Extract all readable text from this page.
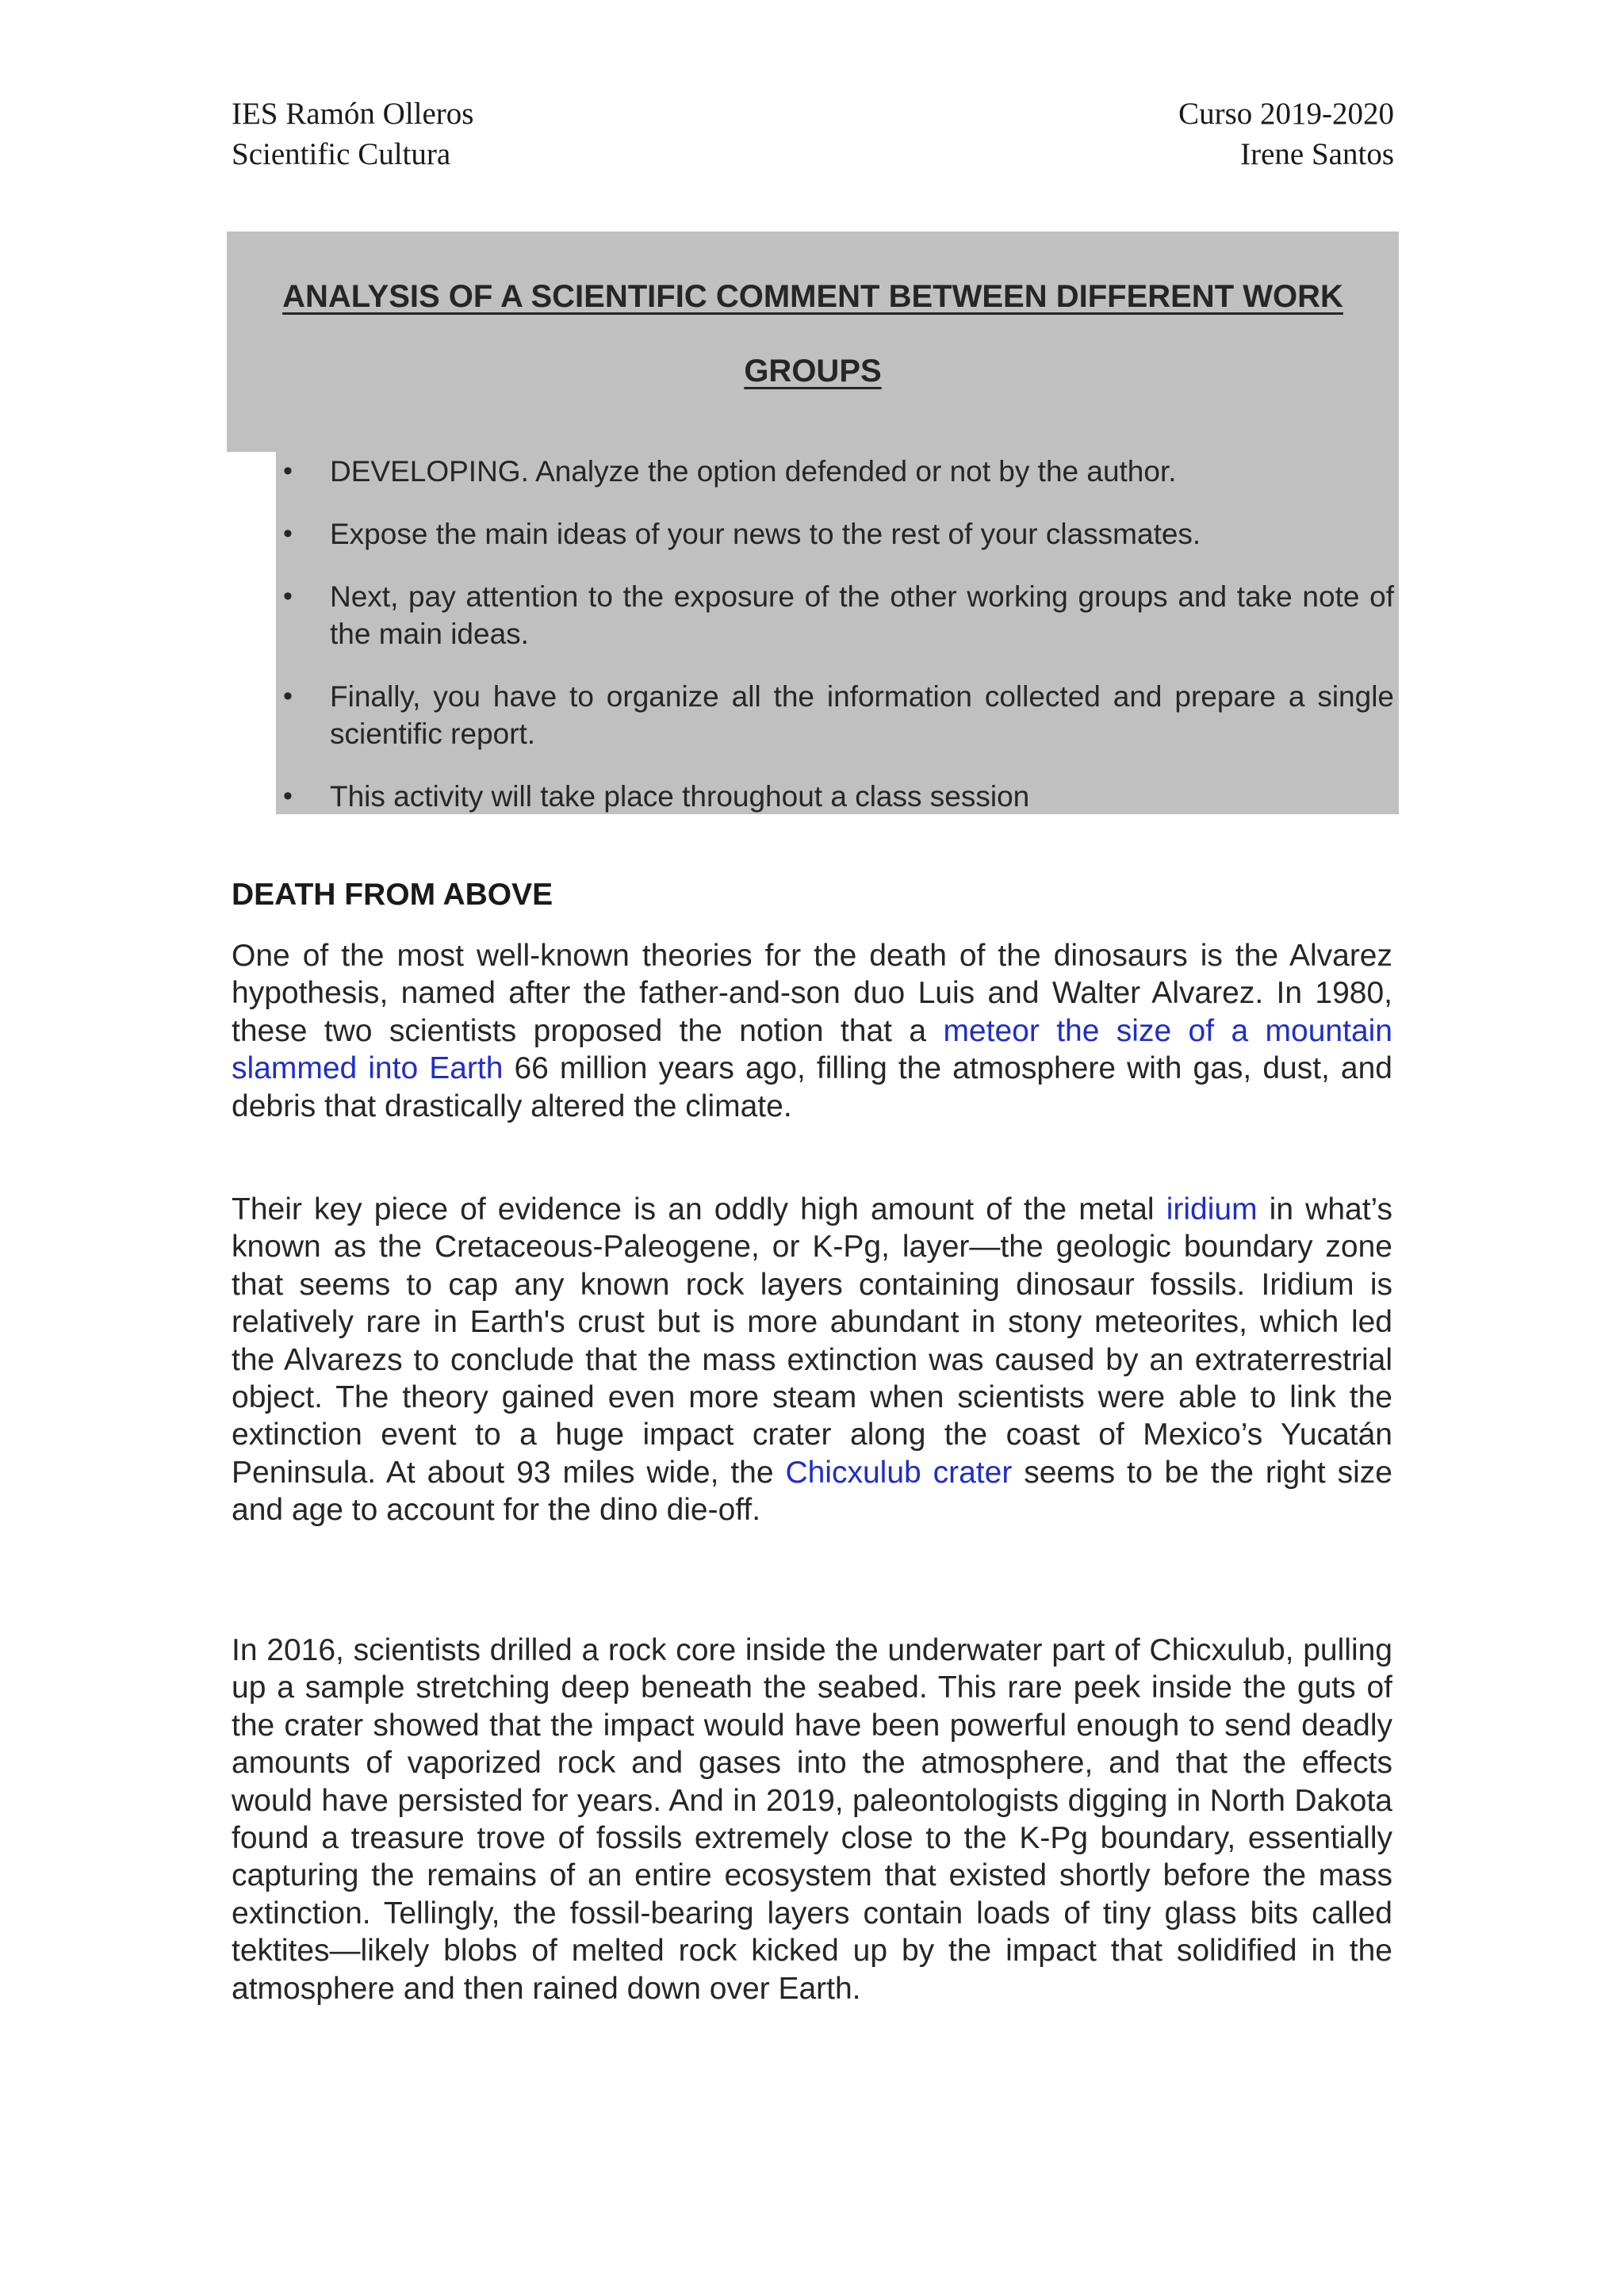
IES Ramón Olleros
Scientific Cultura
Curso 2019-2020
Irene Santos
ANALYSIS OF A SCIENTIFIC COMMENT BETWEEN DIFFERENT WORK
GROUPS
• DEVELOPING. Analyze the option defended or not by the author.
• Expose the main ideas of your news to the rest of your classmates.
• Next, pay attention to the exposure of the other working groups and take note of the main ideas.
• Finally, you have to organize all the information collected and prepare a single scientific report.
• This activity will take place throughout a class session
DEATH FROM ABOVE

One of the most well-known theories for the death of the dinosaurs is the Alvarez hypothesis, named after the father-and-son duo Luis and Walter Alvarez. In 1980, these two scientists proposed the notion that a meteor the size of a mountain slammed into Earth 66 million years ago, filling the atmosphere with gas, dust, and debris that drastically altered the climate.

Their key piece of evidence is an oddly high amount of the metal iridium in what’s known as the Cretaceous-Paleogene, or K-Pg, layer—the geologic boundary zone that seems to cap any known rock layers containing dinosaur fossils. Iridium is relatively rare in Earth's crust but is more abundant in stony meteorites, which led the Alvarezs to conclude that the mass extinction was caused by an extraterrestrial object. The theory gained even more steam when scientists were able to link the extinction event to a huge impact crater along the coast of Mexico’s Yucatán Peninsula. At about 93 miles wide, the Chicxulub crater seems to be the right size and age to account for the dino die-off.

In 2016, scientists drilled a rock core inside the underwater part of Chicxulub, pulling up a sample stretching deep beneath the seabed. This rare peek inside the guts of the crater showed that the impact would have been powerful enough to send deadly amounts of vaporized rock and gases into the atmosphere, and that the effects would have persisted for years. And in 2019, paleontologists digging in North Dakota found a treasure trove of fossils extremely close to the K-Pg boundary, essentially capturing the remains of an entire ecosystem that existed shortly before the mass extinction. Tellingly, the fossil-bearing layers contain loads of tiny glass bits called tektites—likely blobs of melted rock kicked up by the impact that solidified in the atmosphere and then rained down over Earth.
